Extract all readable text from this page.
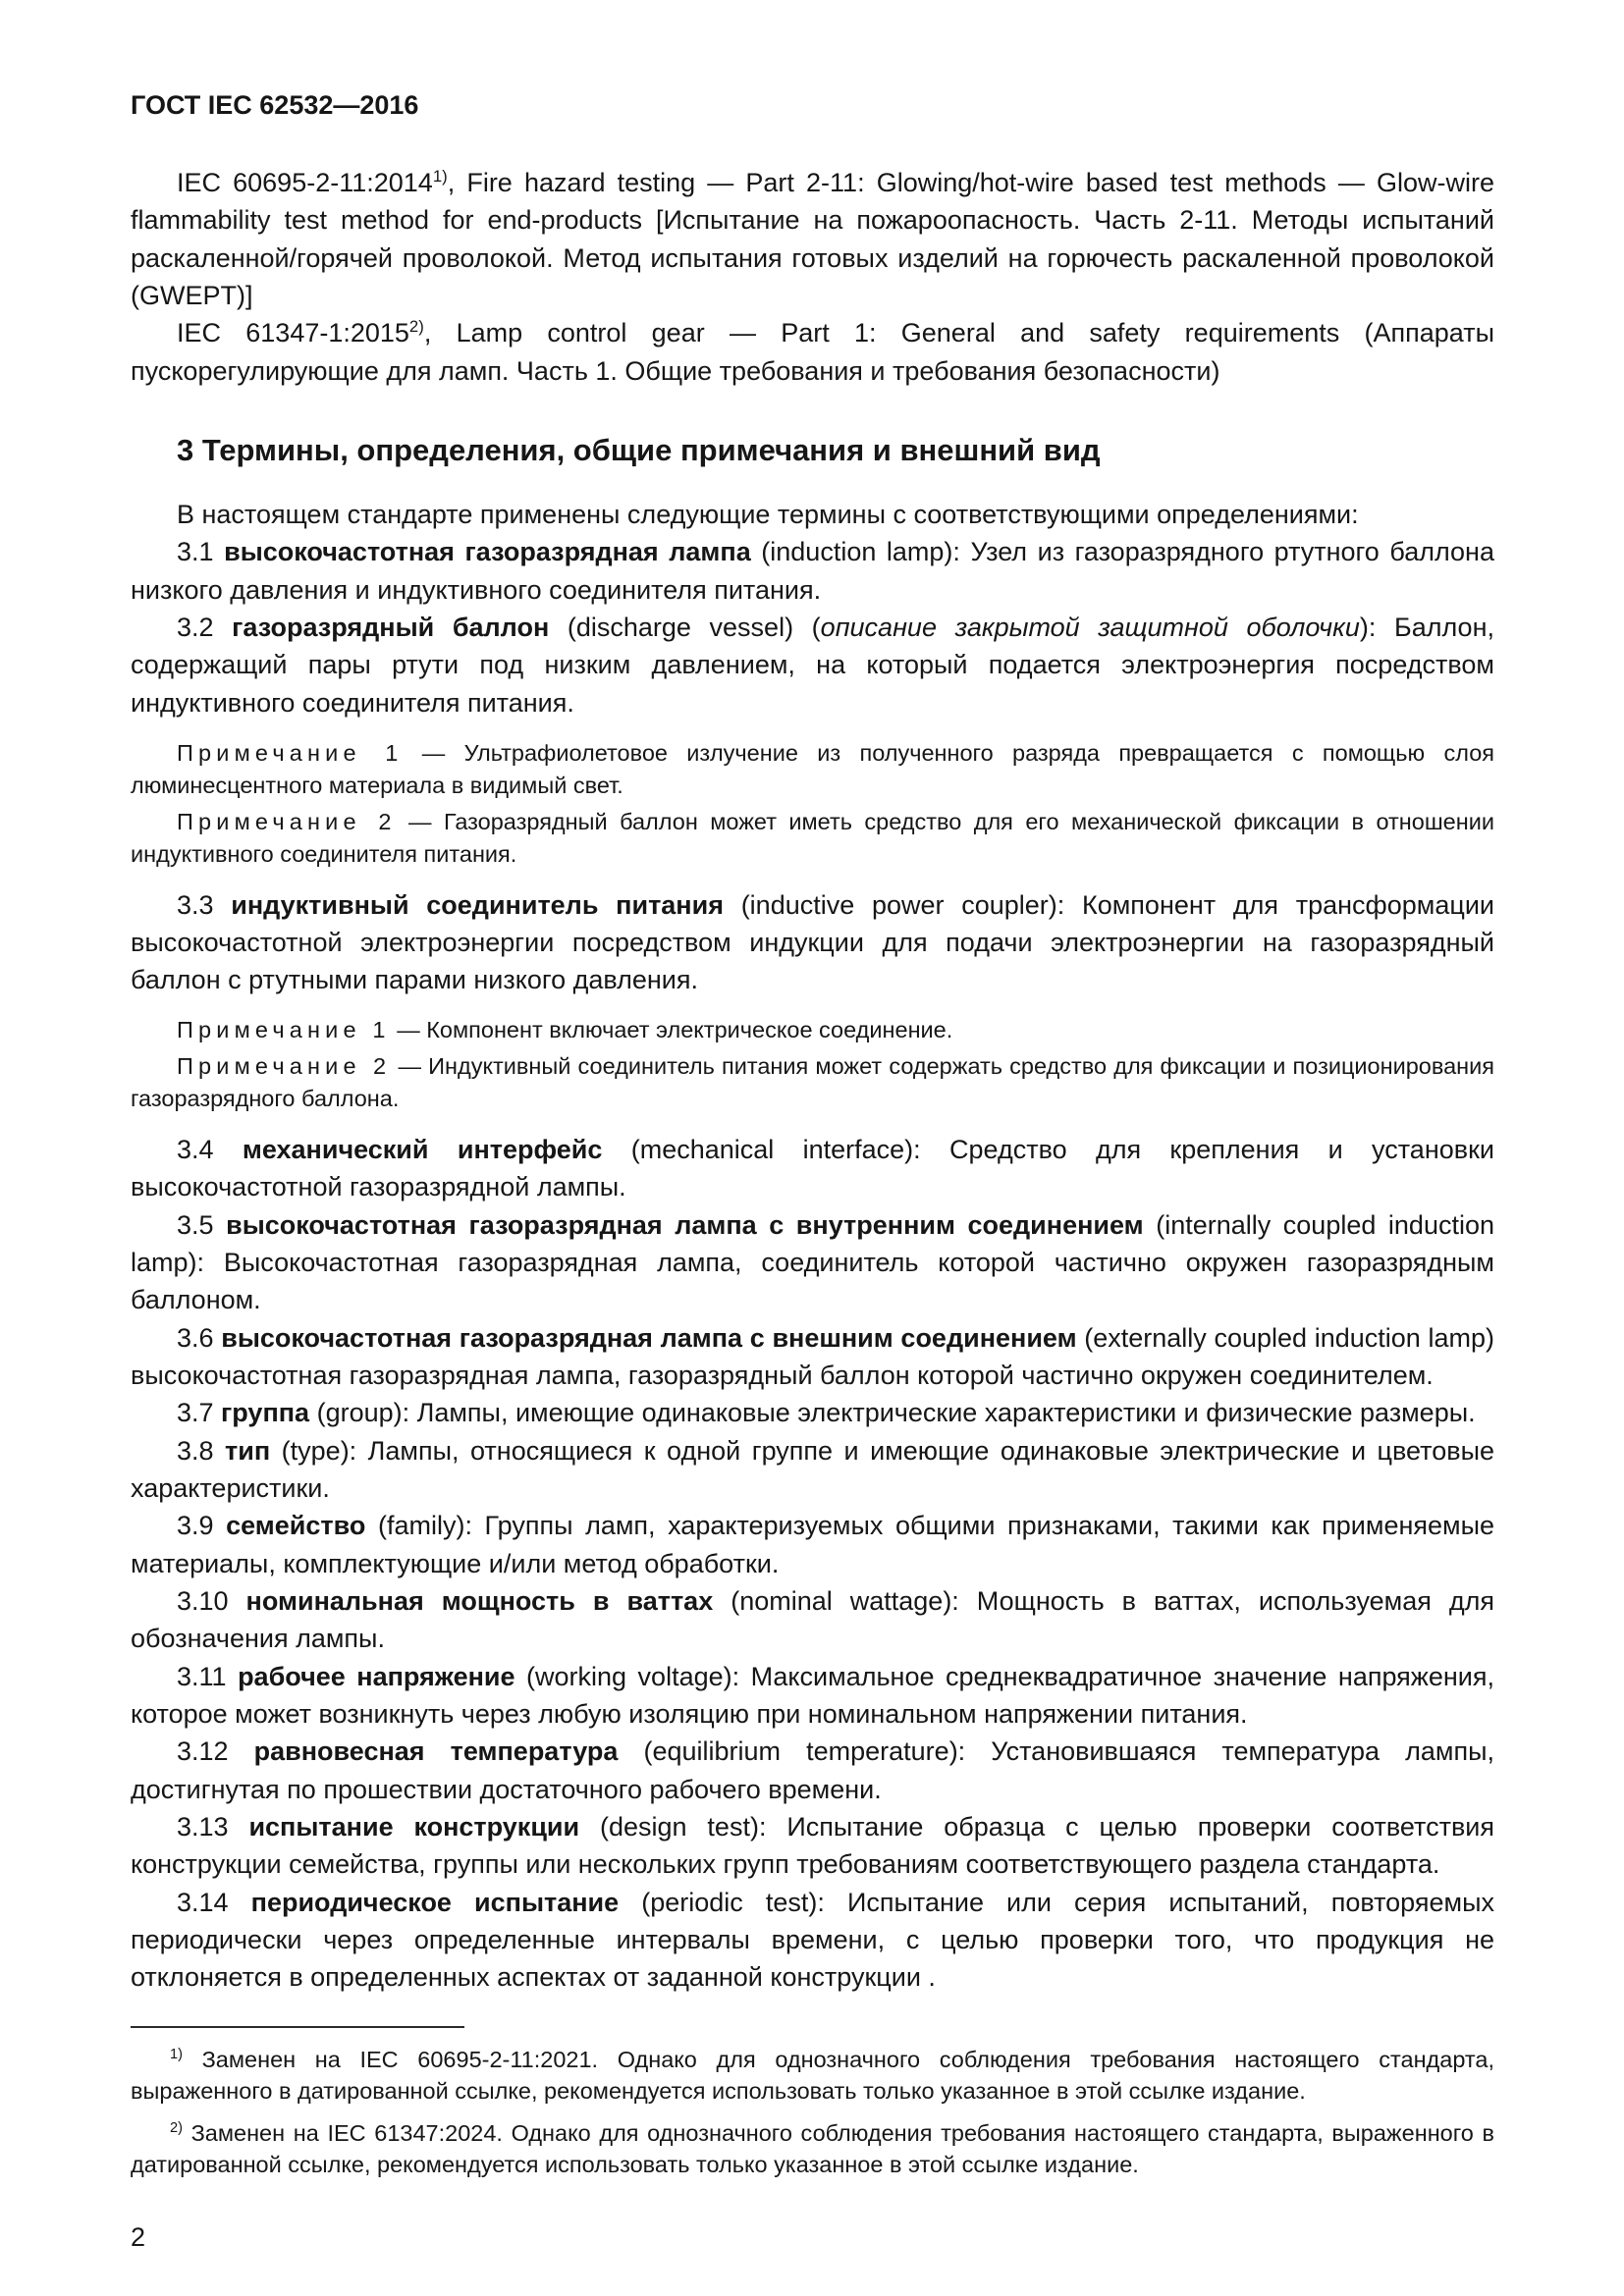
ГОСТ IEC 62532—2016

IEC 60695-2-11:2014$^{1)}$, Fire hazard testing — Part 2-11: Glowing/hot-wire based test methods — Glow-wire flammability test method for end-products [Испытание на пожароопасность. Часть 2-11. Методы испытаний раскаленной/горячей проволокой. Метод испытания готовых изделий на горючесть раскаленной проволокой (GWEPT)]

IEC 61347-1:2015$^{2)}$, Lamp control gear — Part 1: General and safety requirements (Аппараты пускорегулирующие для ламп. Часть 1. Общие требования и требования безопасности)

3 Термины, определения, общие примечания и внешний вид

В настоящем стандарте применены следующие термины с соответствующими определениями:

3.1 высокочастотная газоразрядная лампа (induction lamp): Узел из газоразрядного ртутного баллона низкого давления и индуктивного соединителя питания.

3.2 газоразрядный баллон (discharge vessel) (описание закрытой защитной оболочки): Баллон, содержащий пары ртути под низким давлением, на который подается электроэнергия посредством индуктивного соединителя питания.

Примечание 1 — Ультрафиолетовое излучение из полученного разряда превращается с помощью слоя люминесцентного материала в видимый свет.

Примечание 2 — Газоразрядный баллон может иметь средство для его механической фиксации в отношении индуктивного соединителя питания.

3.3 индуктивный соединитель питания (inductive power coupler): Компонент для трансформации высокочастотной электроэнергии посредством индукции для подачи электроэнергии на газоразрядный баллон с ртутными парами низкого давления.

Примечание 1 — Компонент включает электрическое соединение.

Примечание 2 — Индуктивный соединитель питания может содержать средство для фиксации и позиционирования газоразрядного баллона.

3.4 механический интерфейс (mechanical interface): Средство для крепления и установки высокочастотной газоразрядной лампы.

3.5 высокочастотная газоразрядная лампа с внутренним соединением (internally coupled induction lamp): Высокочастотная газоразрядная лампа, соединитель которой частично окружен газоразрядным баллоном.

3.6 высокочастотная газоразрядная лампа с внешним соединением (externally coupled induction lamp) высокочастотная газоразрядная лампа, газоразрядный баллон которой частично окружен соединителем.

3.7 группа (group): Лампы, имеющие одинаковые электрические характеристики и физические размеры.

3.8 тип (type): Лампы, относящиеся к одной группе и имеющие одинаковые электрические и цветовые характеристики.

3.9 семейство (family): Группы ламп, характеризуемых общими признаками, такими как применяемые материалы, комплектующие и/или метод обработки.

3.10 номинальная мощность в ваттах (nominal wattage): Мощность в ваттах, используемая для обозначения лампы.

3.11 рабочее напряжение (working voltage): Максимальное среднеквадратичное значение напряжения, которое может возникнуть через любую изоляцию при номинальном напряжении питания.

3.12 равновесная температура (equilibrium temperature): Установившаяся температура лампы, достигнутая по прошествии достаточного рабочего времени.

3.13 испытание конструкции (design test): Испытание образца с целью проверки соответствия конструкции семейства, группы или нескольких групп требованиям соответствующего раздела стандарта.

3.14 периодическое испытание (periodic test): Испытание или серия испытаний, повторяемых периодически через определенные интервалы времени, с целью проверки того, что продукция не отклоняется в определенных аспектах от заданной конструкции .

$^{1)}$ Заменен на IEC 60695-2-11:2021. Однако для однозначного соблюдения требования настоящего стандарта, выраженного в датированной ссылке, рекомендуется использовать только указанное в этой ссылке издание.

$^{2)}$ Заменен на IEC 61347:2024. Однако для однозначного соблюдения требования настоящего стандарта, выраженного в датированной ссылке, рекомендуется использовать только указанное в этой ссылке издание.

2
